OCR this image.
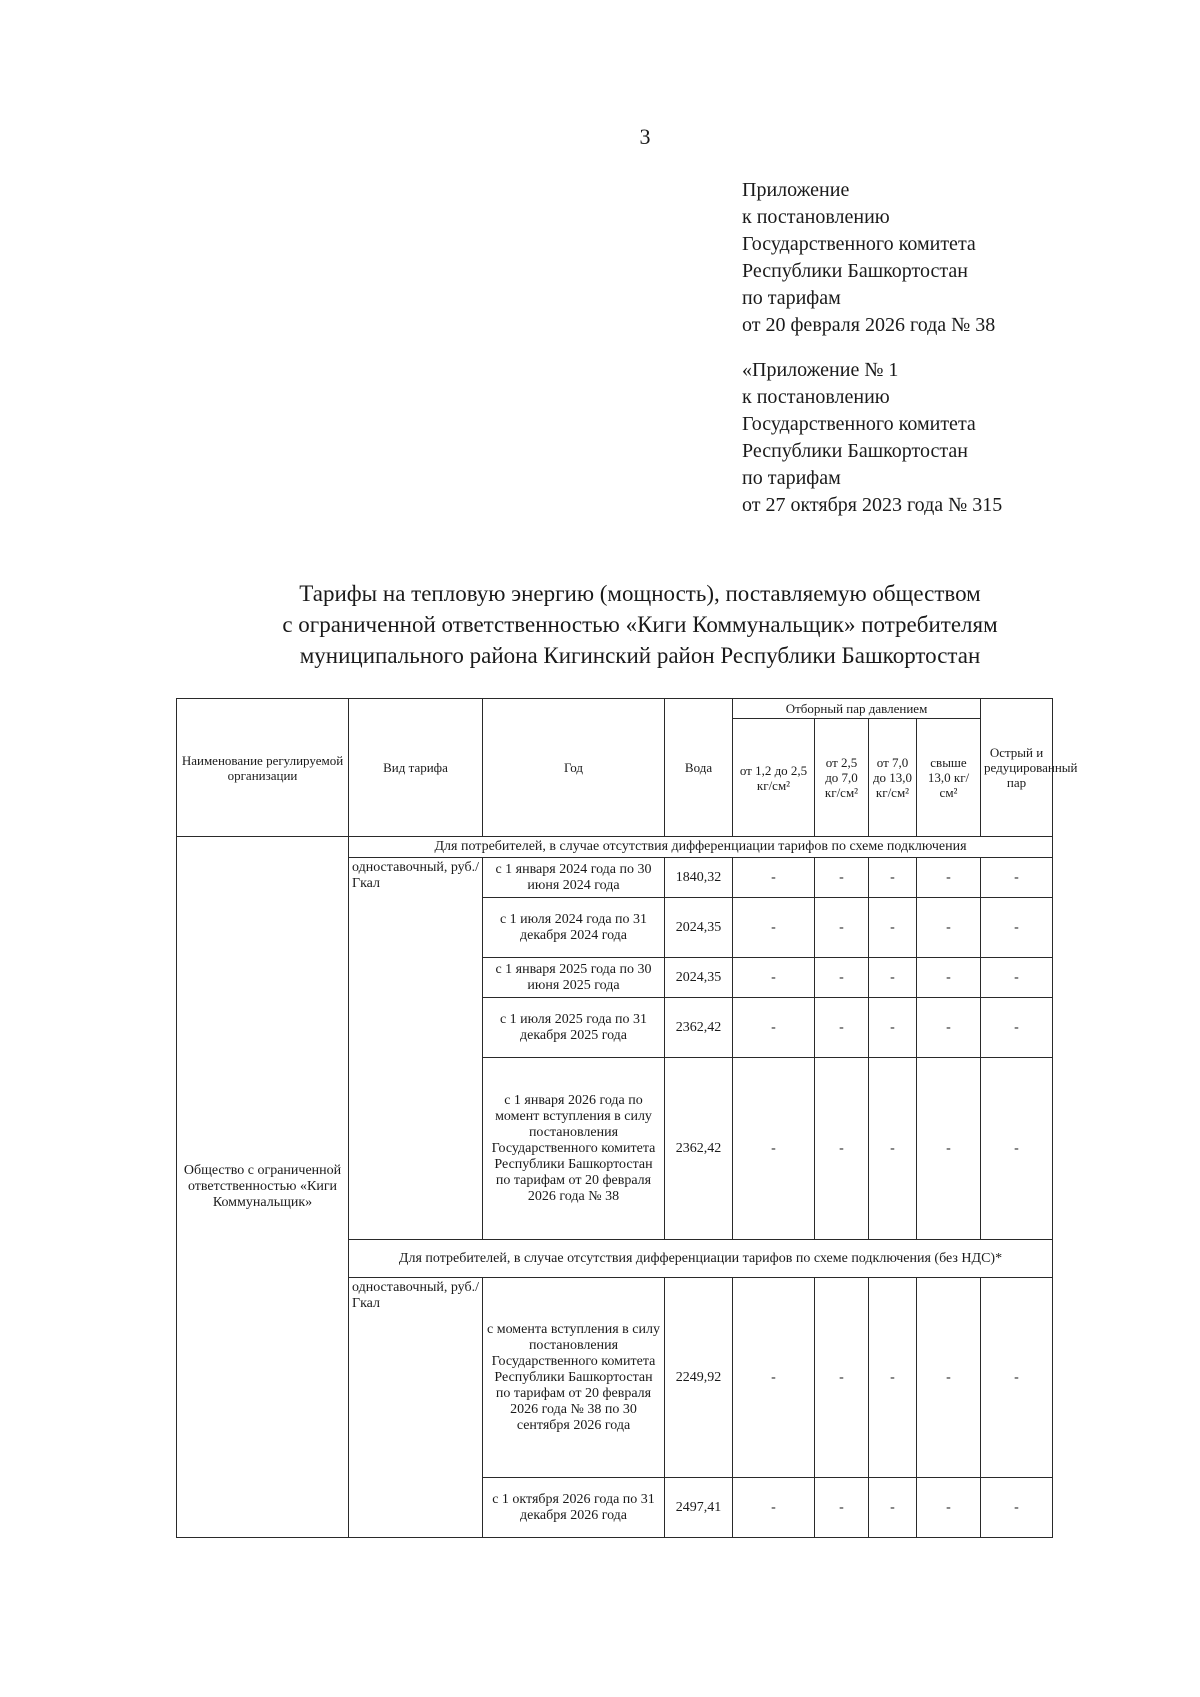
3
Приложение
к постановлению
Государственного комитета
Республики Башкортостан
по тарифам
от 20 февраля 2026 года № 38
«Приложение № 1
к постановлению
Государственного комитета
Республики Башкортостан
по тарифам
от 27 октября 2023 года № 315
Тарифы на тепловую энергию (мощность), поставляемую обществом
с ограниченной ответственностью «Киги Коммунальщик» потребителям
муниципального района Кигинский район Республики Башкортостан
Наименование регулируемой организации	Вид тарифа	Год	Вода	Отборный пар давлением				Острый и редуцированный пар
				от 1,2 до 2,5 кг/см²	от 2,5 до 7,0 кг/см²	от 7,0 до 13,0 кг/см²	свыше 13,0 кг/см²	
Общество с ограниченной ответственностью «Киги Коммунальщик»	Для потребителей, в случае отсутствия дифференциации тарифов по схеме подключения							
	одноставочный, руб./Гкал	с 1 января 2024 года по 30 июня 2024 года	1840,32	-	-	-	-	-
		с 1 июля 2024 года по 31 декабря 2024 года	2024,35	-	-	-	-	-
		с 1 января 2025 года по 30 июня 2025 года	2024,35	-	-	-	-	-
		с 1 июля 2025 года по 31 декабря 2025 года	2362,42	-	-	-	-	-
		с 1 января 2026 года по момент вступления в силу постановления Государственного комитета Республики Башкортостан по тарифам от 20 февраля 2026 года № 38	2362,42	-	-	-	-	-
	Для потребителей, в случае отсутствия дифференциации тарифов по схеме подключения (без НДС)*							
	одноставочный, руб./Гкал	с момента вступления в силу постановления Государственного комитета Республики Башкортостан по тарифам от 20 февраля 2026 года № 38 по 30 сентября 2026 года	2249,92	-	-	-	-	-
		с 1 октября 2026 года по 31 декабря 2026 года	2497,41	-	-	-	-	-
